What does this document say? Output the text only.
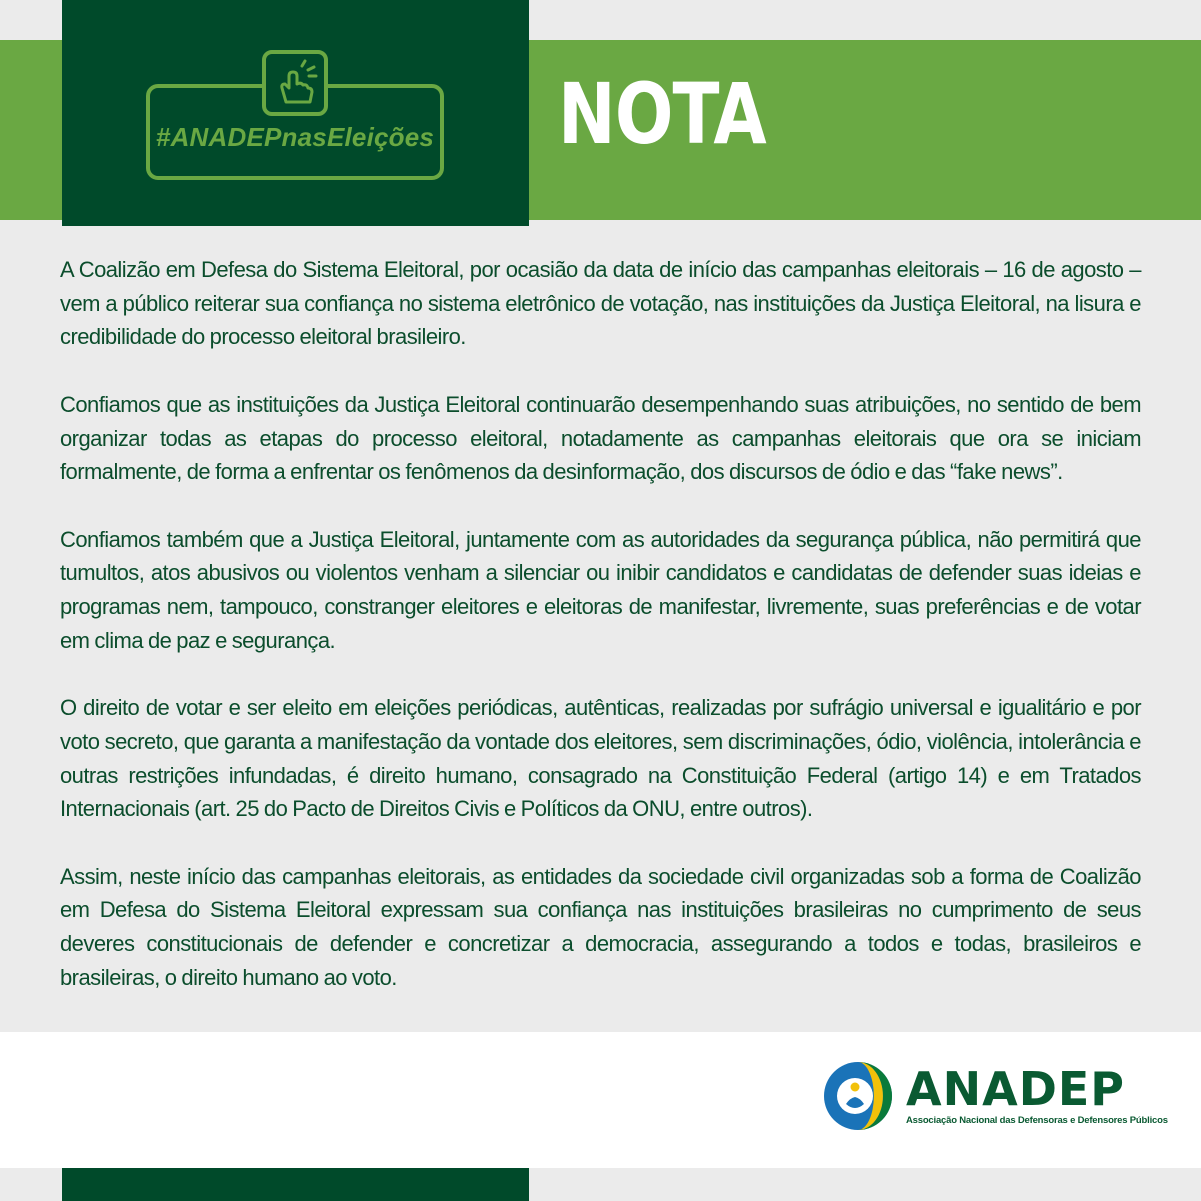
#ANADEPnasEleições NOTA

A Coalizão em Defesa do Sistema Eleitoral, por ocasião da data de início das campanhas eleitorais – 16 de agosto – vem a público reiterar sua confiança no sistema eletrônico de votação, nas instituições da Justiça Eleitoral, na lisura e credibilidade do processo eleitoral brasileiro.

Confiamos que as instituições da Justiça Eleitoral continuarão desempenhando suas atribuições, no sentido de bem organizar todas as etapas do processo eleitoral, notadamente as campanhas eleitorais que ora se iniciam formalmente, de forma a enfrentar os fenômenos da desinformação, dos discursos de ódio e das “fake news”.

Confiamos também que a Justiça Eleitoral, juntamente com as autoridades da segurança pública, não permitirá que tumultos, atos abusivos ou violentos venham a silenciar ou inibir candidatos e candidatas de defender suas ideias e programas nem, tampouco, constranger eleitores e eleitoras de manifestar, livremente, suas preferências e de votar em clima de paz e segurança.

O direito de votar e ser eleito em eleições periódicas, autênticas, realizadas por sufrágio universal e igualitário e por voto secreto, que garanta a manifestação da vontade dos eleitores, sem discriminações, ódio, violência, intolerância e outras restrições infundadas, é direito humano, consagrado na Constituição Federal (artigo 14) e em Tratados Internacionais (art. 25 do Pacto de Direitos Civis e Políticos da ONU, entre outros).

Assim, neste início das campanhas eleitorais, as entidades da sociedade civil organizadas sob a forma de Coalizão em Defesa do Sistema Eleitoral expressam sua confiança nas instituições brasileiras no cumprimento de seus deveres constitucionais de defender e concretizar a democracia, assegurando a todos e todas, brasileiros e brasileiras, o direito humano ao voto.

ANADEP
Associação Nacional das Defensoras e Defensores Públicos
